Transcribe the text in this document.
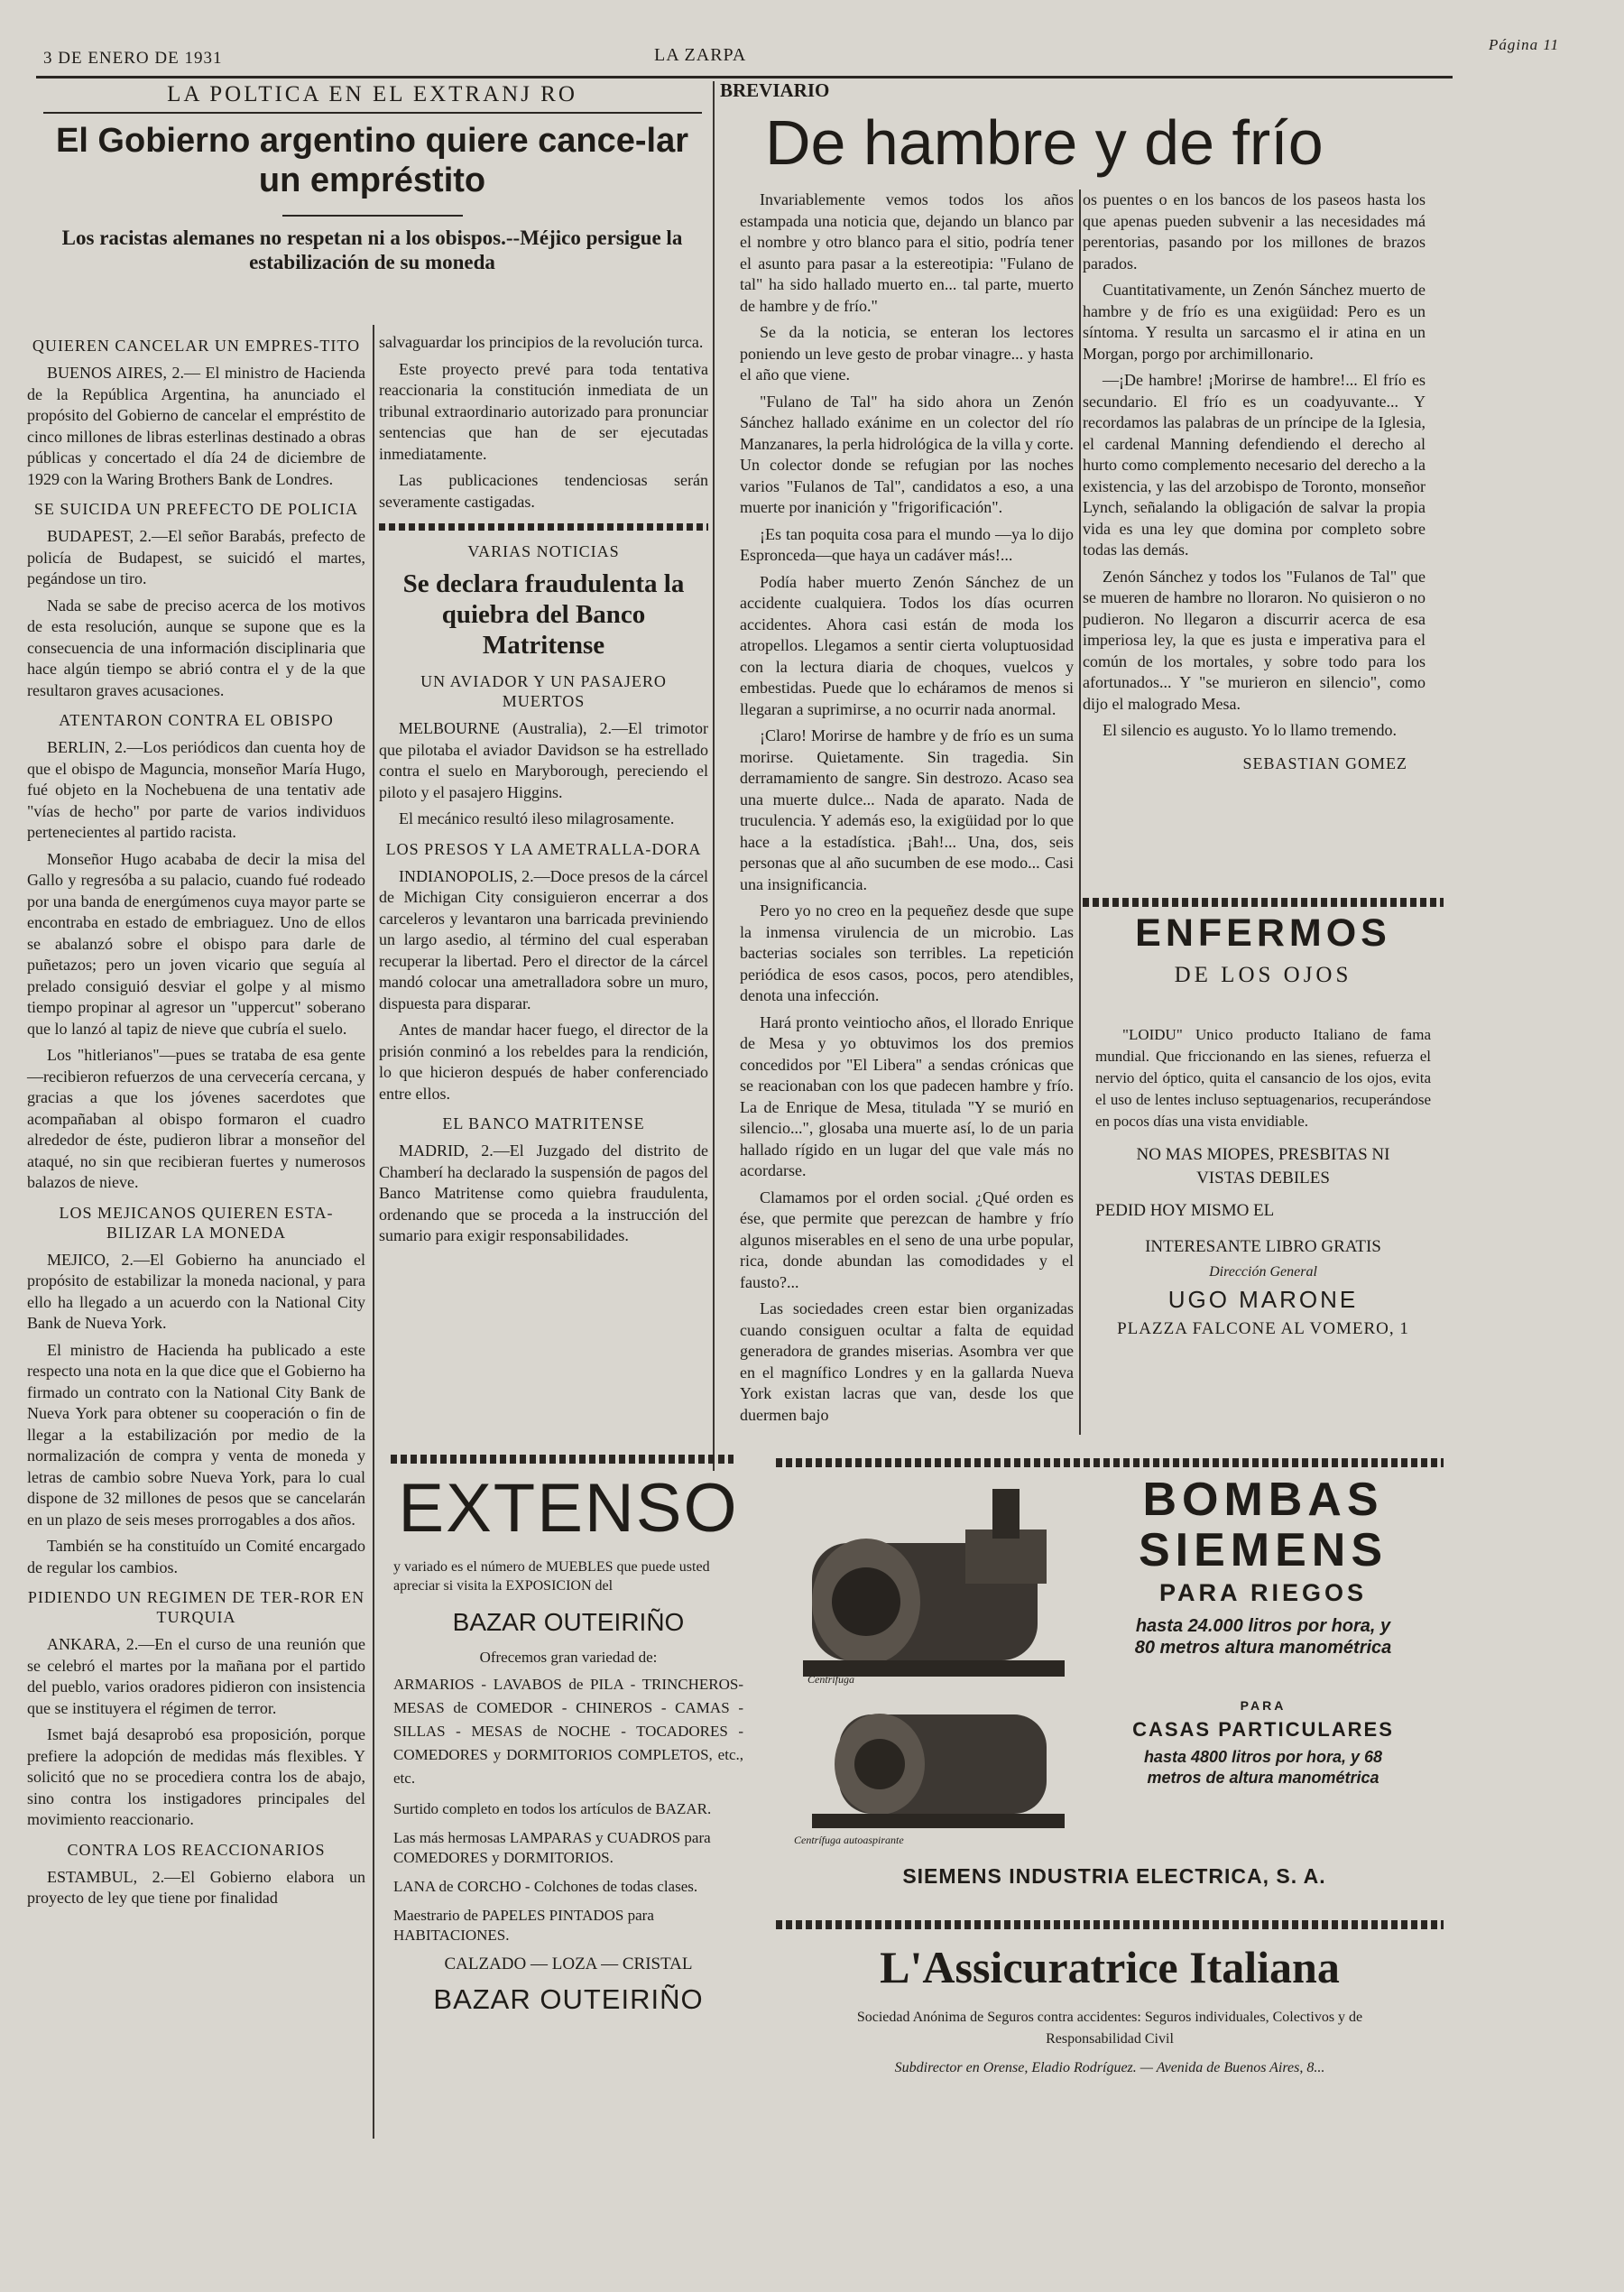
3 DE ENERO DE 1931	LA ZARPA
Página 11
LA POLTICA EN EL EXTRANJ RO
El Gobierno argentino quiere cance-lar un empréstito
Los racistas alemanes no respetan ni a los obispos.--Méjico persigue la estabilización de su moneda
QUIEREN CANCELAR UN EMPRES-TITO

BUENOS AIRES, 2.— El ministro de Hacienda de la República Argentina, ha anunciado el propósito del Gobierno de cancelar el empréstito de cinco millones de libras esterlinas destinado a obras públicas y concertado el día 24 de diciembre de 1929 con la Waring Brothers Bank de Londres.

SE SUICIDA UN PREFECTO DE POLICIA

BUDAPEST, 2.—El señor Barabás, prefecto de policía de Budapest, se suicidó el martes, pegándose un tiro.

Nada se sabe de preciso acerca de los motivos de esta resolución, aunque se supone que es la consecuencia de una información disciplinaria que hace algún tiempo se abrió contra el y de la que resultaron graves acusaciones.

ATENTARON CONTRA EL OBISPO

BERLIN, 2.—Los periódicos dan cuenta hoy de que el obispo de Maguncia, monseñor María Hugo, fué objeto en la Nochebuena de una tentativ ade "vías de hecho" por parte de varios individuos pertenecientes al partido racista.

Monseñor Hugo acababa de decir la misa del Gallo y regresóba a su palacio, cuando fué rodeado por una banda de energúmenos cuya mayor parte se encontraba en estado de embriaguez. Uno de ellos se abalanzó sobre el obispo para darle de puñetazos; pero un joven vicario que seguía al prelado consiguió desviar el golpe y al mismo tiempo propinar al agresor un "uppercut" soberano que lo lanzó al tapiz de nieve que cubría el suelo.

Los "hitlerianos"—pues se trataba de esa gente—recibieron refuerzos de una cervecería cercana, y gracias a que los jóvenes sacerdotes que acompañaban al obispo formaron el cuadro alrededor de éste, pudieron librar a monseñor del ataqué, no sin que recibieran fuertes y numerosos balazos de nieve.

LOS MEJICANOS QUIEREN ESTA-BILIZAR LA MONEDA

MEJICO, 2.—El Gobierno ha anunciado el propósito de estabilizar la moneda nacional, y para ello ha llegado a un acuerdo con la National City Bank de Nueva York.

El ministro de Hacienda ha publicado a este respecto una nota en la que dice que el Gobierno ha firmado un contrato con la National City Bank de Nueva York para obtener su cooperación o fin de llegar a la estabilización por medio de la normalización de compra y venta de moneda y letras de cambio sobre Nueva York, para lo cual dispone de 32 millones de pesos que se cancelarán en un plazo de seis meses prorrogables a dos años.

También se ha constituído un Comité encargado de regular los cambios.

PIDIENDO UN REGIMEN DE TER-ROR EN TURQUIA

ANKARA, 2.—En el curso de una reunión que se celebró el martes por la mañana por el partido del pueblo, varios oradores pidieron con insistencia que se instituyera el régimen de terror.

Ismet bajá desaprobó esa proposición, porque prefiere la adopción de medidas más flexibles. Y solicitó que no se procediera contra los de abajo, sino contra los instigadores principales del movimiento reaccionario.

CONTRA LOS REACCIONARIOS

ESTAMBUL, 2.—El Gobierno elabora un proyecto de ley que tiene por finalidad

salvaguardar los principios de la revolución turca.

Este proyecto prevé para toda tentativa reaccionaria la constitución inmediata de un tribunal extraordinario autorizado para pronunciar sentencias que han de ser ejecutadas inmediatamente.

Las publicaciones tendenciosas serán severamente castigadas.

VARIAS NOTICIAS
Se declara fraudulenta la quiebra del Banco Matritense
UN AVIADOR Y UN PASAJERO MUERTOS

MELBOURNE (Australia), 2.—El trimotor que pilotaba el aviador Davidson se ha estrellado contra el suelo en Maryborough, pereciendo el piloto y el pasajero Higgins.

El mecánico resultó ileso milagrosamente.

LOS PRESOS Y LA AMETRALLA-DORA

INDIANOPOLIS, 2.—Doce presos de la cárcel de Michigan City consiguieron encerrar a dos carceleros y levantaron una barricada previniendo un largo asedio, al término del cual esperaban recuperar la libertad. Pero el director de la cárcel mandó colocar una ametralladora sobre un muro, dispuesta para disparar.

Antes de mandar hacer fuego, el director de la prisión conminó a los rebeldes para la rendición, lo que hicieron después de haber conferenciado entre ellos.

EL BANCO MATRITENSE

MADRID, 2.—El Juzgado del distrito de Chamberí ha declarado la suspensión de pagos del Banco Matritense como quiebra fraudulenta, ordenando que se proceda a la instrucción del sumario para exigir responsabilidades.

BREVIARIO
De hambre y de frío

Invariablemente vemos todos los años estampada una noticia que, dejando un blanco par el nombre y otro blanco para el sitio, podría tener el asunto para pasar a la estereotipia: "Fulano de tal" ha sido hallado muerto en... tal parte, muerto de hambre y de frío."

Se da la noticia, se enteran los lectores poniendo un leve gesto de probar vinagre... y hasta el año que viene.

"Fulano de Tal" ha sido ahora un Zenón Sánchez hallado exánime en un colector del río Manzanares, la perla hidrológica de la villa y corte. Un colector donde se refugian por las noches varios "Fulanos de Tal", candidatos a eso, a una muerte por inanición y "frigorificación".

¡Es tan poquita cosa para el mundo —ya lo dijo Espronceda—que haya un cadáver más!...

Podía haber muerto Zenón Sánchez de un accidente cualquiera. Todos los días ocurren accidentes. Ahora casi están de moda los atropellos. Llegamos a sentir cierta voluptuosidad con la lectura diaria de choques, vuelcos y embestidas. Puede que lo echáramos de menos si llegaran a suprimirse, a no ocurrir nada anormal.

¡Claro! Morirse de hambre y de frío es un suma morirse. Quietamente. Sin tragedia. Sin derramamiento de sangre. Sin destrozo. Acaso sea una muerte dulce... Nada de aparato. Nada de truculencia. Y además eso, la exigüidad por lo que hace a la estadística. ¡Bah!... Una, dos, seis personas que al año sucumben de ese modo... Casi una insignificancia.

Pero yo no creo en la pequeñez desde que supe la inmensa virulencia de un microbio. Las bacterias sociales son terribles. La repetición periódica de esos casos, pocos, pero atendibles, denota una infección.

Hará pronto veintiocho años, el llorado Enrique de Mesa y yo obtuvimos los dos premios concedidos por "El Libera" a sendas crónicas que se reacionaban con los que padecen hambre y frío. La de Enrique de Mesa, titulada "Y se murió en silencio...", glosaba una muerte así, lo de un paria hallado rígido en un lugar del que vale más no acordarse.

Clamamos por el orden social. ¿Qué orden es ése, que permite que perezcan de hambre y frío algunos miserables en el seno de una urbe popular, rica, donde abundan las comodidades y el fausto?...

Las sociedades creen estar bien organizadas cuando consiguen ocultar a falta de equidad generadora de grandes miserias. Asombra ver que en el magnífico Londres y en la gallarda Nueva York existan lacras que van, desde los que duermen bajo

os puentes o en los bancos de los paseos hasta los que apenas pueden subvenir a las necesidades má perentorias, pasando por los millones de brazos parados.

Cuantitativamente, un Zenón Sánchez muerto de hambre y de frío es una exigüidad: Pero es un síntoma. Y resulta un sarcasmo el ir atina en un Morgan, porgo por archimillonario.

—¡De hambre! ¡Morirse de hambre!... El frío es secundario. El frío es un coadyuvante... Y recordamos las palabras de un príncipe de la Iglesia, el cardenal Manning defendiendo el derecho al hurto como complemento necesario del derecho a la existencia, y las del arzobispo de Toronto, monseñor Lynch, señalando la obligación de salvar la propia vida es una ley que domina por completo sobre todas las demás.

Zenón Sánchez y todos los "Fulanos de Tal" que se mueren de hambre no lloraron. No quisieron o no pudieron. No llegaron a discurrir acerca de esa imperiosa ley, la que es justa e imperativa para el común de los mortales, y sobre todo para los afortunados... Y "se murieron en silencio", como dijo el malogrado Mesa.

El silencio es augusto. Yo lo llamo tremendo.

SEBASTIAN GOMEZ
ENFERMOS
DE LOS OJOS
"LOIDU" Unico producto Italiano de fama mundial. Que friccionando en las sienes, refuerza el nervio del óptico, quita el cansancio de los ojos, evita el uso de lentes incluso septuagenarios, recuperándose en pocos días una vista envidiable.
NO MAS MIOPES, PRESBITAS NI VISTAS DEBILES
PEDID HOY MISMO EL
INTERESANTE LIBRO GRATIS
Dirección General
UGO MARONE
PLAZZA FALCONE AL VOMERO, 1
EXTENSO
y variado es el número de MUEBLES que puede usted apreciar si visita la EXPOSICION del
BAZAR OUTEIRIÑO

Ofrecemos gran variedad de:

ARMARIOS - LAVABOS de PILA - TRINCHEROS-MESAS de COMEDOR - CHINEROS - CAMAS - SILLAS - MESAS de NOCHE - TOCADORES - COMEDORES y DORMITORIOS COMPLETOS, etc., etc.

Surtido completo en todos los artículos de BAZAR.

Las más hermosas LAMPARAS y CUADROS para COMEDORES y DORMITORIOS.

LANA de CORCHO - Colchones de todas clases.

Maestrario de PAPELES PINTADOS para HABITACIONES.

CALZADO — LOZA — CRISTAL

BAZAR OUTEIRIÑO
Centrífuga
Centrífuga autoaspirante
BOMBAS
SIEMENS
PARA RIEGOS
hasta 24.000 litros por hora, y 80 metros altura manométrica
PARA
CASAS PARTICULARES
hasta 4800 litros por hora, y 68 metros de altura manométrica
SIEMENS INDUSTRIA ELECTRICA, S. A.
L'Assicuratrice Italiana
Sociedad Anónima de Seguros contra accidentes: Seguros individuales, Colectivos y de Responsabilidad Civil
Subdirector en Orense, Eladio Rodríguez. — Avenida de Buenos Aires, 8...
